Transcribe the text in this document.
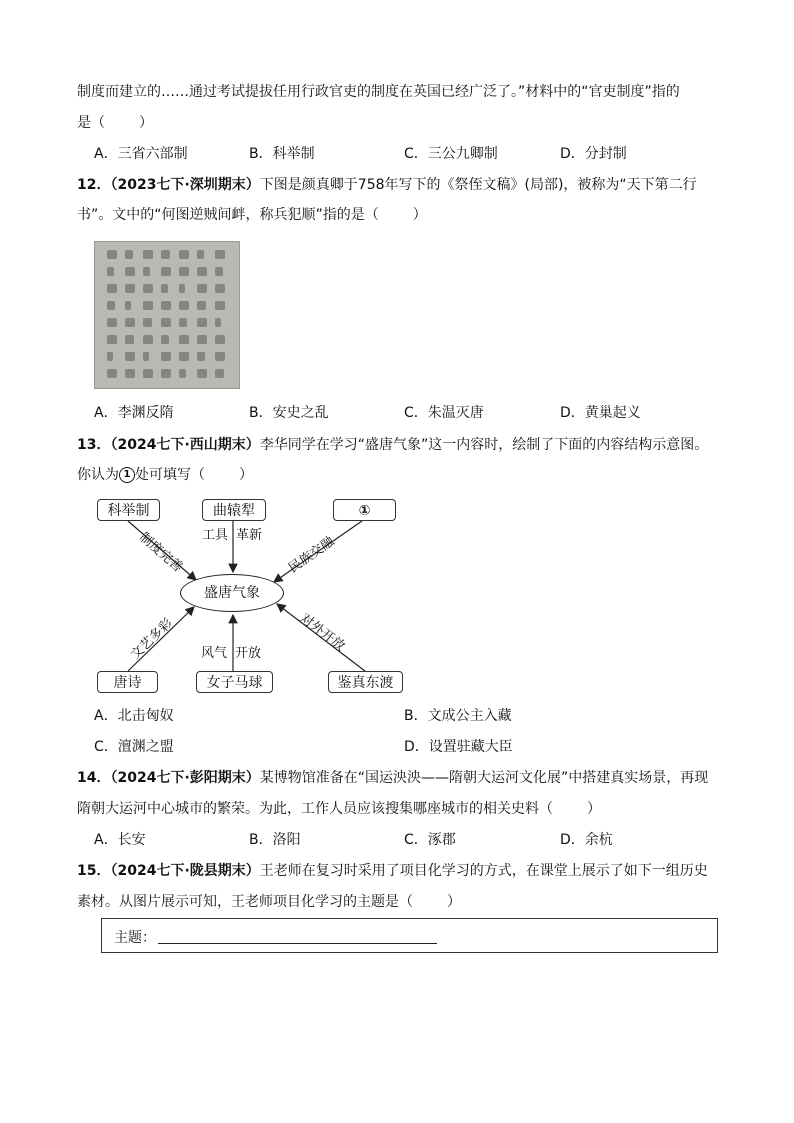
制度而建立的……通过考试提拔任用行政官吏的制度在英国已经广泛了。”材料中的“官吏制度”指的
是（ ）
A．三省六部制	B．科举制	C．三公九卿制	D．分封制
12．（2023七下·深圳期末）下图是颜真卿于758年写下的《祭侄文稿》(局部)，被称为“天下第二行
书”。文中的“何图逆贼间衅，称兵犯顺”指的是（ ）
A．李渊反隋	B．安史之乱	C．朱温灭唐	D．黄巢起义
13．（2024七下·西山期末）李华同学在学习“盛唐气象”这一内容时，绘制了下面的内容结构示意图。
你认为 1 处可填写（ ）
科举制	曲辕犁	①
盛唐气象
唐诗	女子马球	鉴真东渡
制度完善 工具 革新 民族交融
文艺多彩 风气 开放	对外开放
A．北击匈奴	B．文成公主入藏
C．澶渊之盟	D．设置驻藏大臣
14．（2024七下·彭阳期末）某博物馆准备在“国运泱泱——隋朝大运河文化展”中搭建真实场景，再现
隋朝大运河中心城市的繁荣。为此，工作人员应该搜集哪座城市的相关史料（ ）
A．长安	B．洛阳	C．涿郡	D．余杭
15．（2024七下·陇县期末）王老师在复习时采用了项目化学习的方式，在课堂上展示了如下一组历史
素材。从图片展示可知，王老师项目化学习的主题是（ ）
主题：
